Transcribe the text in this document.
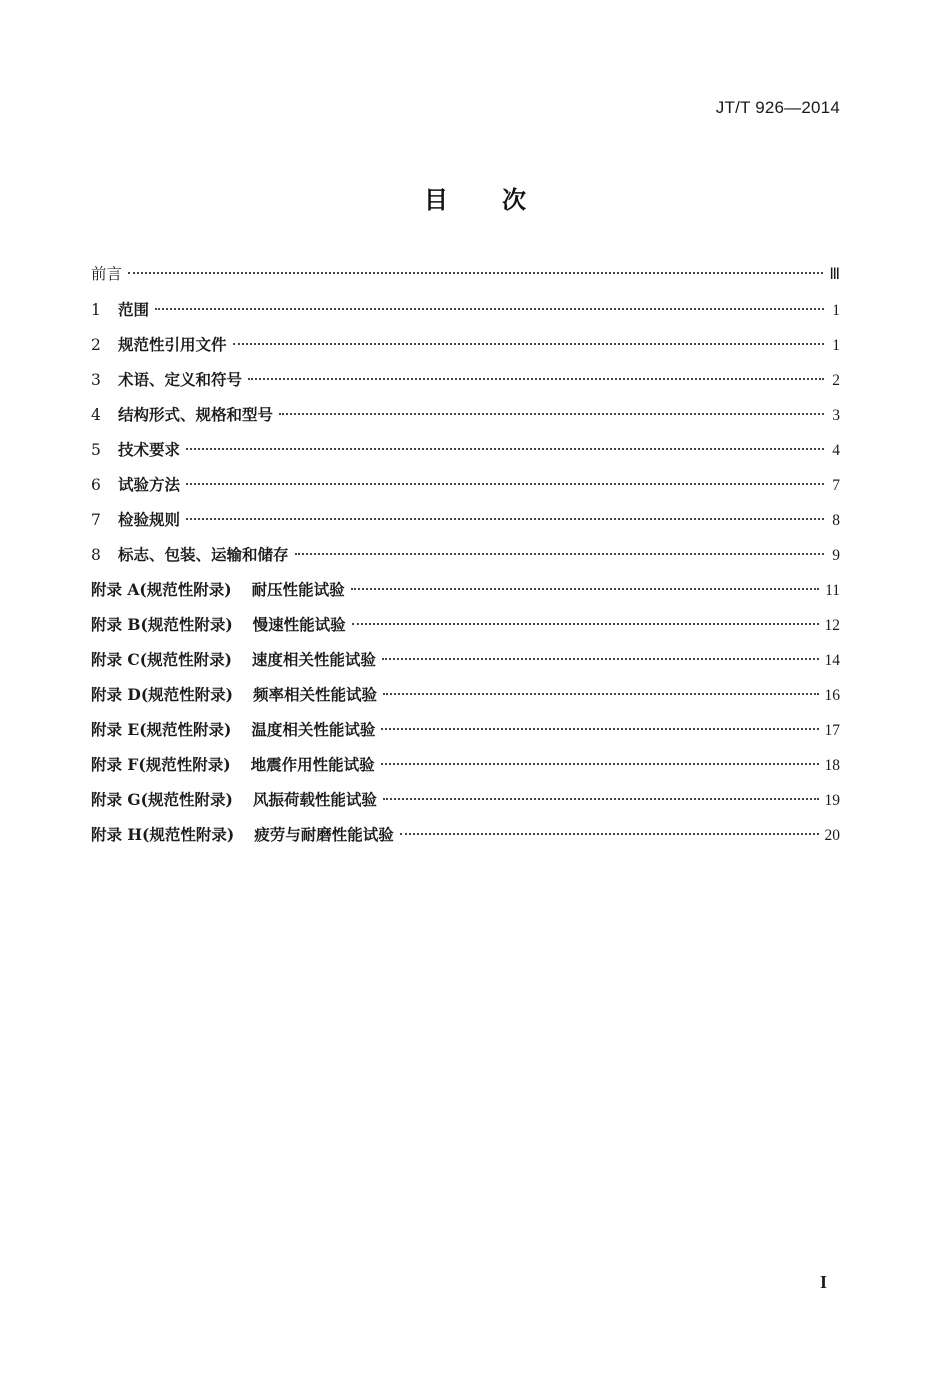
JT/T 926—2014
目 次
前言	Ⅲ
1	范围	1
2	规范性引用文件	1
3	术语、定义和符号	2
4	结构形式、规格和型号	3
5	技术要求	4
6	试验方法	7
7	检验规则	8
8	标志、包装、运输和储存	9
附录 A(规范性附录)	耐压性能试验	11
附录 B(规范性附录)	慢速性能试验	12
附录 C(规范性附录)	速度相关性能试验	14
附录 D(规范性附录)	频率相关性能试验	16
附录 E(规范性附录)	温度相关性能试验	17
附录 F(规范性附录)	地震作用性能试验	18
附录 G(规范性附录)	风振荷载性能试验	19
附录 H(规范性附录)	疲劳与耐磨性能试验	20
I
